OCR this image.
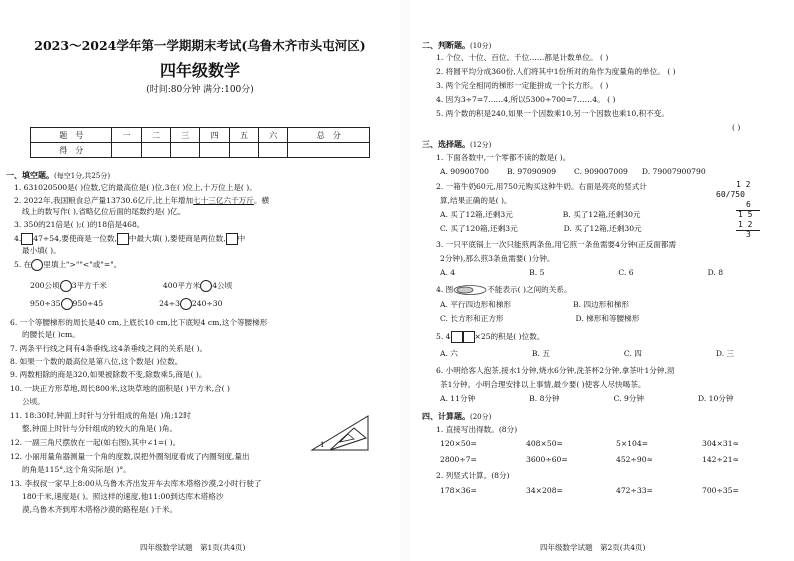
2023～2024学年第一学期期末考试(乌鲁木齐市头屯河区)
四年级数学
(时间:80分钟 满分:100分)
题　号	一	二	三	四	五	六	总　分
得　分							
一、填空题。(每空1分,共25分)
1. 631020500是( )位数,它的最高位是( )位,3在( )位上,十万位上是( )。
2. 2022年,我国粮食总产量13730.6亿斤,比上年增加七十三亿六千万斤。横
线上的数写作( ),省略亿位后面的尾数约是( )亿。
3. 350的21倍是( );( )的18倍是468。
4. 47÷54,要使商是一位数, 中最大填( ),要使商是两位数, 中
最小填( )。
5. 在 里填上">""<"或"="。
200公顷 3平方千米	400平方米 4公顷
950÷35 950÷45	24÷3 240÷30
6. 一个等腰梯形的周长是40 cm,上底长10 cm,比下底短4 cm,这个等腰梯形
的腰长是( )cm。
7. 两条平行线之间有4条垂线,这4条垂线之间的关系是( )。
8. 如果一个数的最高位是第八位,这个数是( )位数。
9. 两数相除的商是320,如果被除数不变,除数乘5,商是( )。
10. 一块正方形草地,周长800米,这块草地的面积是( )平方米,合( )
公顷。
11. 18:30时,钟面上时针与分针组成的角是( )角;12时
整,钟面上时针与分针组成的较大的角是( )角。
12. 一副三角尺摆放在一起(如右图),其中∠1=( )。	1
12. 小丽用量角器测量一个角的度数,误把外圈刻度看成了内圈刻度,量出
的角是115°,这个角实际是( )°。
13. 李叔叔一家早上8:00从乌鲁木齐出发开车去库木塔格沙漠,2小时行驶了
180千米,速度是( )。照这样的速度,他11:00到达库木塔格沙
漠,乌鲁木齐到库木塔格沙漠的路程是( )千米。
四年级数学试题　第1页(共4页)
二、判断题。(10分)
1. 个位、十位、百位、千位……都是计数单位。 ( )
2. 将圆平均分成360份,人们将其中1份所对的角作为度量角的单位。 ( )
3. 两个完全相同的梯形一定能拼成一个长方形。 ( )
4. 因为3÷7=7……4,所以5300÷700=7……4。 ( )
5. 两个数的积是240,如果一个因数乘10,另一个因数也乘10,积不变。
( )
三、选择题。(12分)
1. 下面各数中,一个零都不读的数是( )。
A. 90900700 B. 97090909 C. 909007009 D. 79007900790
2. 一箱牛奶60元,用750元购买这种牛奶。右面是亮亮的竖式计
算,结果正确的是( )。
A. 买了12箱,还剩3元	B. 买了12箱,还剩30元
C. 买了120箱,还剩3元	D. 买了12箱,还剩30元
1 2
60/750
6
1 5
1 2
3
3. 一只平底锅上一次只能煎两条鱼,用它煎一条鱼需要4分钟(正反面都需
2分钟),那么煎3条鱼需要( )分钟。
A. 4	B. 5	C. 6	D. 8
4. 图	不能表示( )之间的关系。
A. 平行四边形和梯形	B. 四边形和梯形
C. 长方形和正方形	D. 梯形和等腰梯形
5. 4	×25的积是( )位数。
A. 六	B. 五	C. 四	D. 三
6. 小明给客人泡茶,接水1分钟,烧水6分钟,洗茶杯2分钟,拿茶叶1分钟,沏
茶1分钟。小明合理安排以上事情,最少要( )使客人尽快喝茶。
A. 11分钟	B. 8分钟	C. 9分钟	D. 10分钟
四、计算题。(20分)
1. 直接写出得数。(8分)
120×50=	408×50=	5×104=	304×31≈
2800÷7=	3600÷60=	452÷90≈	142÷21≈
2. 列竖式计算。(8分)
178×36=	34×208=	472÷33=	700÷35=
四年级数学试题　第2页(共4页)
